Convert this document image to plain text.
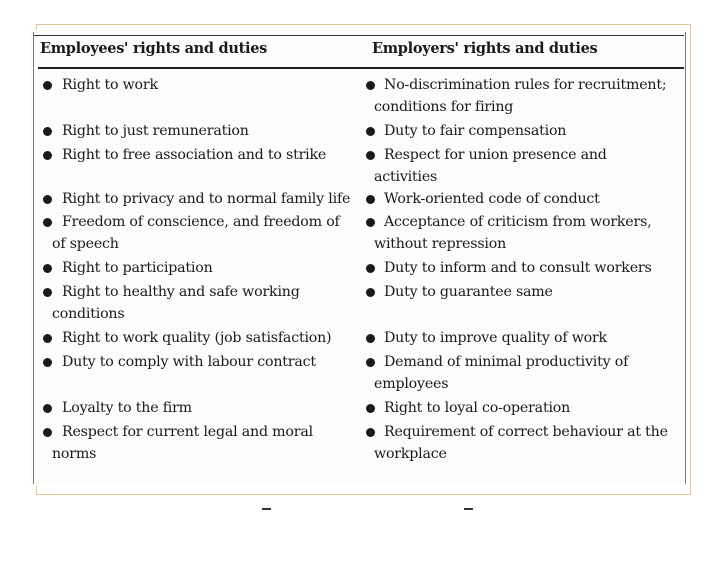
Employees' rights and duties	Employers' rights and duties
Right to work
Right to just remuneration
Right to free association and to strike
Right to privacy and to normal family life
Freedom of conscience, and freedom of
of speech
Right to participation
Right to healthy and safe working
conditions
Right to work quality (job satisfaction)
Duty to comply with labour contract
Loyalty to the firm
Respect for current legal and moral
norms
No-discrimination rules for recruitment;
conditions for firing
Duty to fair compensation
Respect for union presence and
activities
Work-oriented code of conduct
Acceptance of criticism from workers,
without repression
Duty to inform and to consult workers
Duty to guarantee same
Duty to improve quality of work
Demand of minimal productivity of
employees
Right to loyal co-operation
Requirement of correct behaviour at the
workplace
